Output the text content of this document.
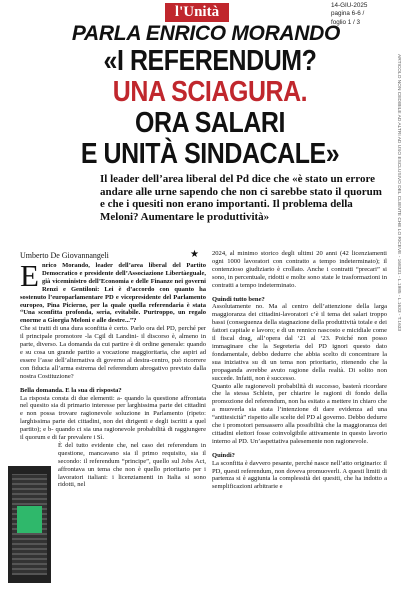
l'Unità	14-GIU-2025
pagina 6-6 /
foglio 1 / 3
ARTICOLO NON CEDIBILE AD ALTRI AD USO ESCLUSIVO DEL CLIENTE CHE LO RICEVE - 168331 - L.1985 - L.1633 - T.1633
PARLA ENRICO MORANDO
«I REFERENDUM?
UNA SCIAGURA.
ORA SALARI
E UNITÀ SINDACALE»
Il leader dell’area liberal del Pd dice che «è stato un errore andare alle urne sapendo che non ci sarebbe stato il quorum e che i quesiti non erano importanti. Il problema della Meloni? Aumentare le produttività»
Umberto De Giovannangeli	★

Enrico Morando, leader dell’area liberal del Partito Democratico e presidente dell’Associazione Libertàeguale, già viceministro dell’Economia e delle Finanze nei governi Renzi e Gentiloni: Lei è d’accordo con quanto ha sostenuto l’europarlamentare PD e vicepresidente del Parlamento europeo, Pina Picierno, per la quale quella referendaria è stata “Una sconfitta profonda, seria, evitabile. Purtroppo, un regalo enorme a Giorgia Meloni e alle destre...”?

Che si tratti di una dura sconfitta è certo. Parlo ora del PD, perché per il principale promotore -la Cgil di Landini- il discorso è, almeno in parte, diverso. La domanda da cui partire è di ordine generale: quando e su cosa un grande partito a vocazione maggioritaria, che aspiri ad essere l’asse dell’alternativa di governo al destra-centro, può ricorrere con fiducia all’arma estrema del referendum abrogativo previsto dalla nostra Costituzione?

Bella domanda. E la sua di risposta?

La risposta consta di due elementi: a- quando la questione affrontata nel quesito sia di primario interesse per larghissima parte dei cittadini e non possa trovare ragionevole soluzione in Parlamento (ripeto: larghissima parte dei cittadini, non dei dirigenti e degli iscritti a quel partito); e b- quando ci sia una ragionevole probabilità di raggiungere il quorum e di far prevalere i Sì.

È del tutto evidente che, nel caso dei referendum in questione, mancavano sia il primo requisito, sia il secondo: il referendum “principe”, quello sul Jobs Act, affrontava un tema che non è quello prioritario per i lavoratori italiani: i licenziamenti in Italia si sono ridotti, nel

2024, al minimo storico degli ultimi 20 anni (42 licenziamenti ogni 1000 lavoratori con contratto a tempo indeterminato); il contenzioso giudiziario è crollato. Anche i contratti “precari” si sono, in percentuale, ridotti e molte sono state le trasformazioni in contratti a tempo indeterminato.

Quindi tutto bene?

Assolutamente no. Ma al centro dell’attenzione della larga maggioranza dei cittadini-lavoratori c’è il tema dei salari troppo bassi (conseguenza della stagnazione della produttività totale e dei fattori capitale e lavoro; e di un rennico nascosto e micidiale come il fiscal drag, all’opera dal ‘21 al ‘23. Poiché non posso immaginare che la Segreteria del PD ignori questo dato fondamentale, debbo dedurre che abbia scelto di concentrare la sua iniziativa su di un tema non prioritario, ritenendo che la propaganda avrebbe avuto ragione della realtà. Di solito non succede. Infatti, non è successo.

Quanto alle ragionevoli probabilità di successo, basterà ricordare che la stessa Schlein, per chiarire le ragioni di fondo della promozione del referendum, non ha esitato a mettere in chiaro che a muoverla sia stata l’intenzione di dare evidenza ad una “antitesicità” rispetto alle scelte del PD al governo. Debbo dedurre che i promotori pensassero alla possibilità che la maggioranza dei cittadini elettori fosse coinvolgibile attivamente in questo lavorio interno al PD. Un’aspettativa palesemente non ragionevole.

Quindi?

La sconfitta è davvero pesante, perché nasce nell’atto originario: il PD, questi referendum, non doveva promuoverli. A questi limiti di partenza si è aggiunta la complessità dei quesiti, che ha indotto a semplificazioni arbitrarie e
